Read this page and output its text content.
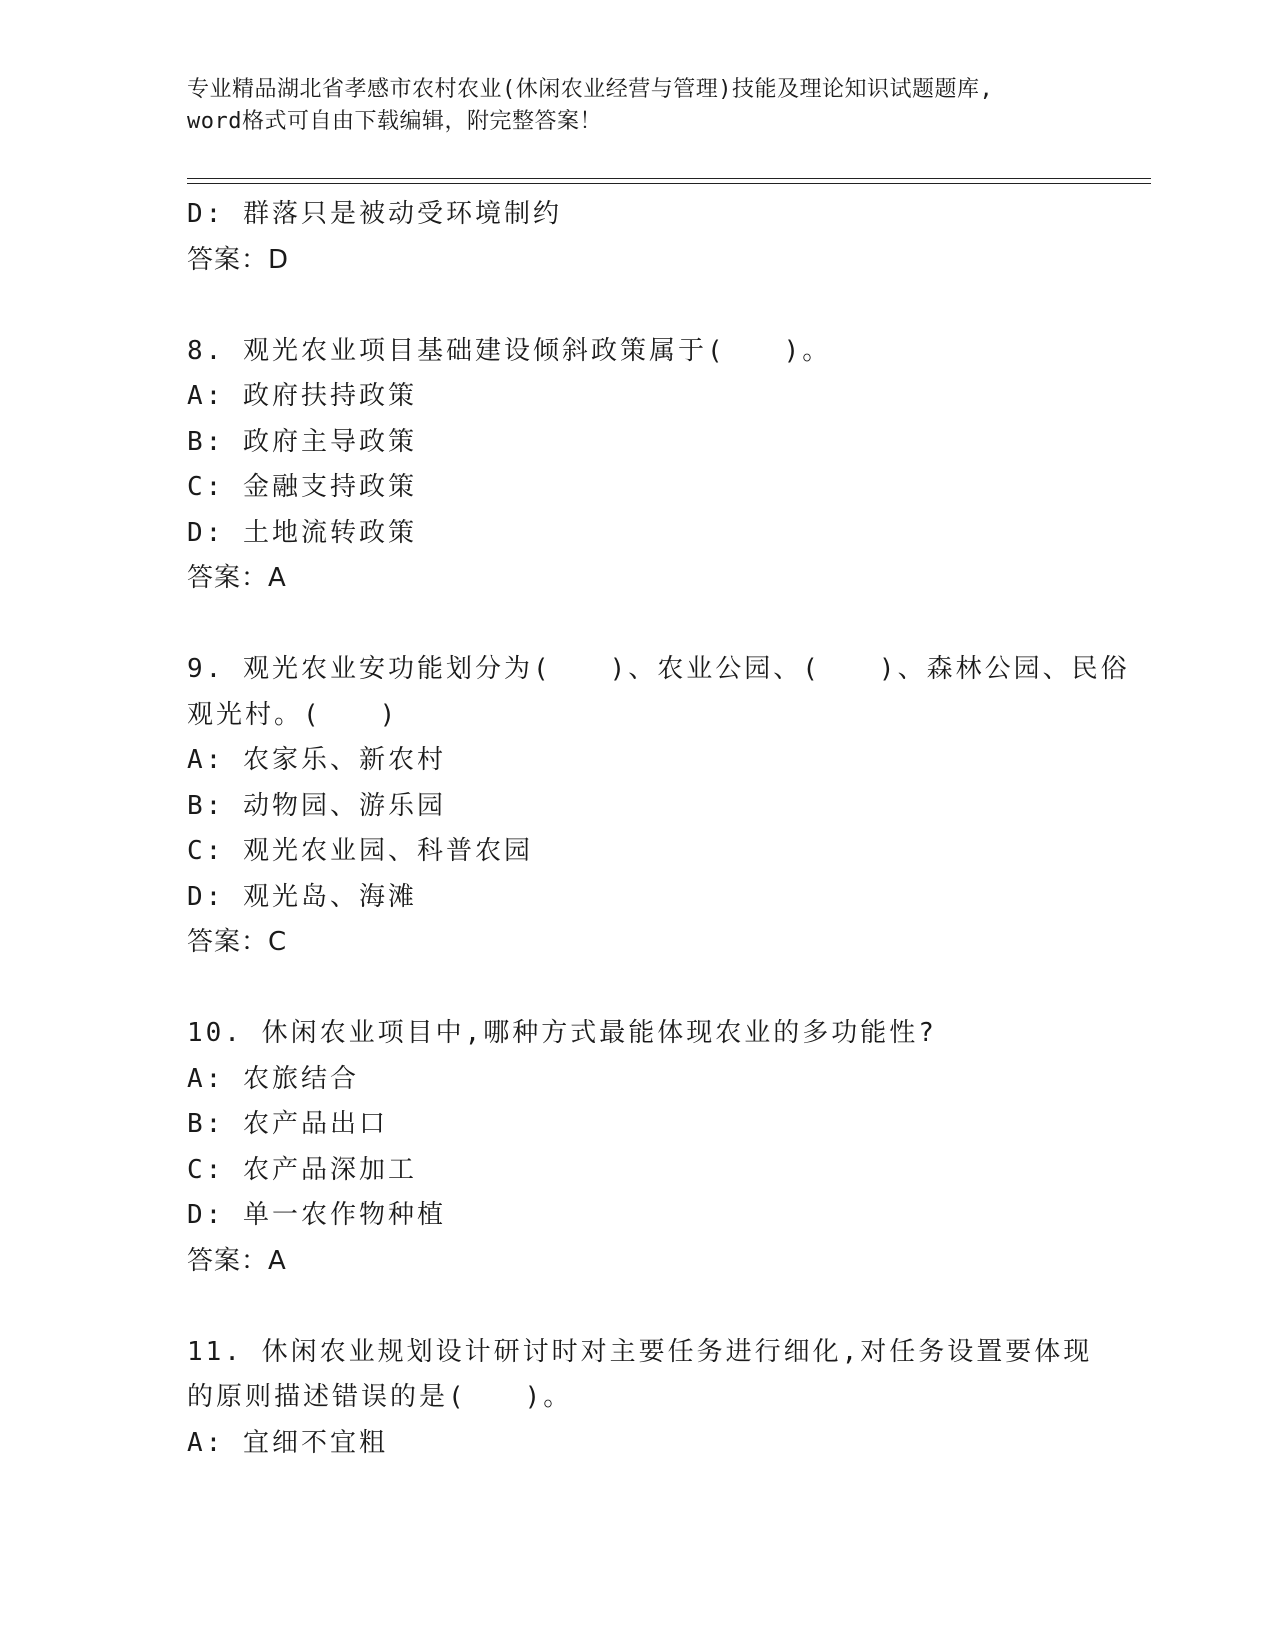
专业精品湖北省孝感市农村农业(休闲农业经营与管理)技能及理论知识试题题库,
word格式可自由下载编辑，附完整答案！
D: 群落只是被动受环境制约
答案：D
8. 观光农业项目基础建设倾斜政策属于(　　)。
A: 政府扶持政策
B: 政府主导政策
C: 金融支持政策
D: 土地流转政策
答案：A
9. 观光农业安功能划分为(　　)、农业公园、(　　)、森林公园、民俗
观光村。(　　)
A: 农家乐、新农村
B: 动物园、游乐园
C: 观光农业园、科普农园
D: 观光岛、海滩
答案：C
10. 休闲农业项目中,哪种方式最能体现农业的多功能性?
A: 农旅结合
B: 农产品出口
C: 农产品深加工
D: 单一农作物种植
答案：A
11. 休闲农业规划设计研讨时对主要任务进行细化,对任务设置要体现
的原则描述错误的是(　　)。
A: 宜细不宜粗
